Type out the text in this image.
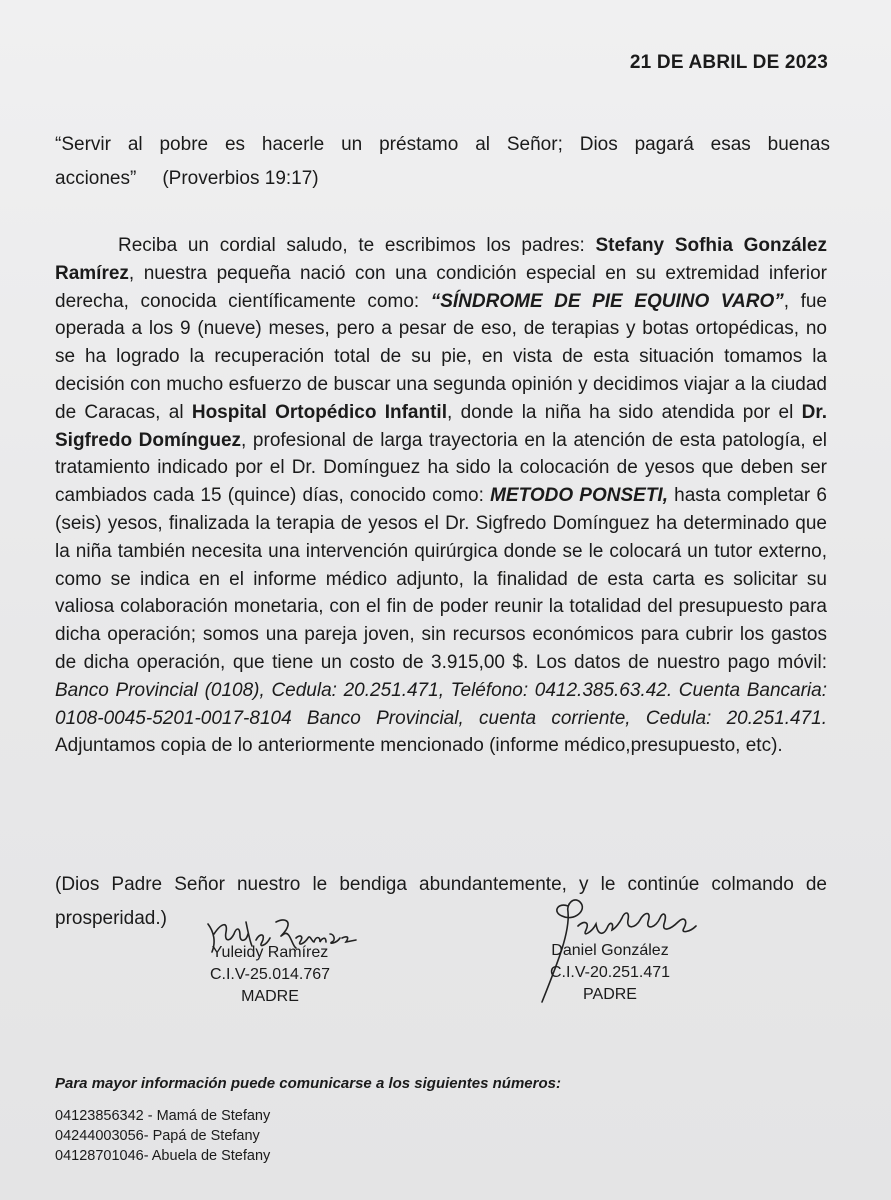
21 DE ABRIL DE 2023
“Servir al pobre es hacerle un préstamo al Señor; Dios pagará esas buenas acciones” (Proverbios 19:17)
Reciba un cordial saludo, te escribimos los padres: Stefany Sofhia González Ramírez, nuestra pequeña nació con una condición especial en su extremidad inferior derecha, conocida científicamente como: “SÍNDROME DE PIE EQUINO VARO”, fue operada a los 9 (nueve) meses, pero a pesar de eso, de terapias y botas ortopédicas, no se ha logrado la recuperación total de su pie, en vista de esta situación tomamos la decisión con mucho esfuerzo de buscar una segunda opinión y decidimos viajar a la ciudad de Caracas, al Hospital Ortopédico Infantil, donde la niña ha sido atendida por el Dr. Sigfredo Domínguez, profesional de larga trayectoria en la atención de esta patología, el tratamiento indicado por el Dr. Domínguez ha sido la colocación de yesos que deben ser cambiados cada 15 (quince) días, conocido como: METODO PONSETI, hasta completar 6 (seis) yesos, finalizada la terapia de yesos el Dr. Sigfredo Domínguez ha determinado que la niña también necesita una intervención quirúrgica donde se le colocará un tutor externo, como se indica en el informe médico adjunto, la finalidad de esta carta es solicitar su valiosa colaboración monetaria, con el fin de poder reunir la totalidad del presupuesto para dicha operación; somos una pareja joven, sin recursos económicos para cubrir los gastos de dicha operación, que tiene un costo de 3.915,00 $. Los datos de nuestro pago móvil: Banco Provincial (0108), Cedula: 20.251.471, Teléfono: 0412.385.63.42. Cuenta Bancaria: 0108-0045-5201-0017-8104 Banco Provincial, cuenta corriente, Cedula: 20.251.471. Adjuntamos copia de lo anteriormente mencionado (informe médico,presupuesto, etc).
(Dios Padre Señor nuestro le bendiga abundantemente, y le continúe colmando de prosperidad.)
Yuleidy Ramírez
C.I.V-25.014.767
MADRE
Daniel González
C.I.V-20.251.471
PADRE
Para mayor información puede comunicarse a los siguientes números:
04123856342 - Mamá de Stefany
04244003056- Papá de Stefany
04128701046- Abuela de Stefany
